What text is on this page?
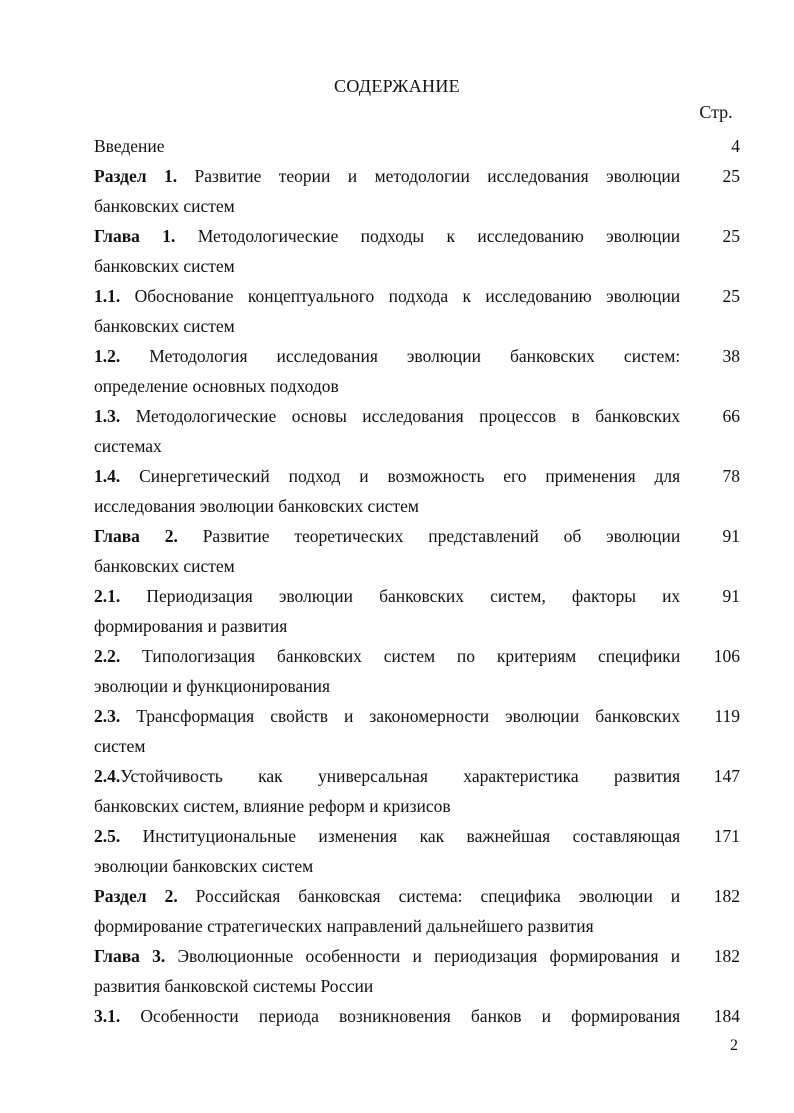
СОДЕРЖАНИЕ
Стр.
Введение	4
Раздел 1. Развитие теории и методологии исследования эволюции
банковских систем
25
Глава 1. Методологические подходы к исследованию эволюции
банковских систем
25
1.1. Обоснование концептуального подхода к исследованию эволюции
банковских систем
25
1.2. Методология исследования эволюции банковских систем:
определение основных подходов
38
1.3. Методологические основы исследования процессов в банковских
системах
66
1.4. Синергетический подход и возможность его применения для
исследования эволюции банковских систем
78
Глава 2. Развитие теоретических представлений об эволюции
банковских систем
91
2.1. Периодизация эволюции банковских систем, факторы их
формирования и развития
91
2.2. Типологизация банковских систем по критериям специфики
эволюции и функционирования
106
2.3. Трансформация свойств и закономерности эволюции банковских
систем
119
2.4.Устойчивость как универсальная характеристика развития
банковских систем, влияние реформ и кризисов
147
2.5. Институциональные изменения как важнейшая составляющая
эволюции банковских систем
171
Раздел 2. Российская банковская система: специфика эволюции и
формирование стратегических направлений дальнейшего развития
182
Глава 3. Эволюционные особенности и периодизация формирования и
развития банковской системы России
182
3.1. Особенности периода возникновения банков и формирования	184
2
